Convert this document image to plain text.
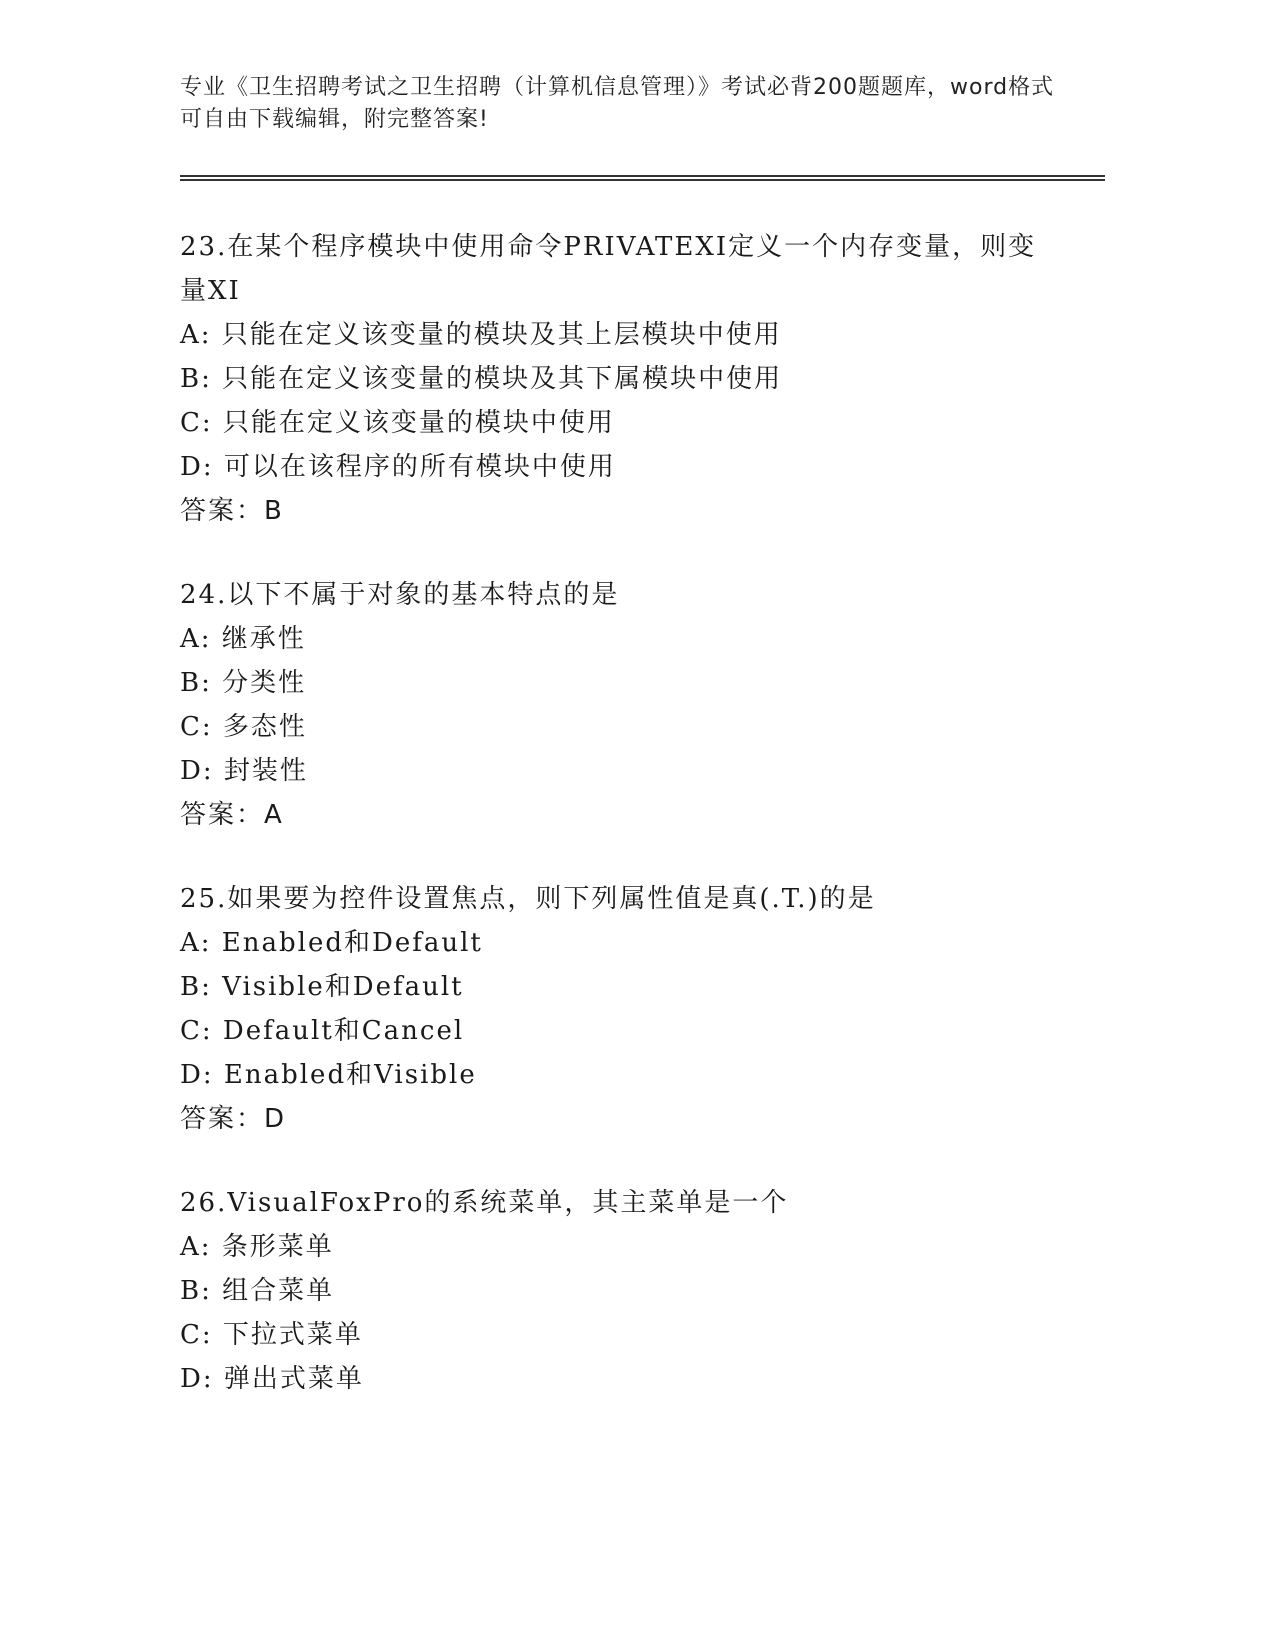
专业《卫生招聘考试之卫生招聘（计算机信息管理）》考试必背200题题库，word格式可自由下载编辑，附完整答案!
23.在某个程序模块中使用命令PRIVATEXI定义一个内存变量，则变量XI
A: 只能在定义该变量的模块及其上层模块中使用
B: 只能在定义该变量的模块及其下属模块中使用
C: 只能在定义该变量的模块中使用
D: 可以在该程序的所有模块中使用
答案：B
24.以下不属于对象的基本特点的是
A: 继承性
B: 分类性
C: 多态性
D: 封装性
答案：A
25.如果要为控件设置焦点，则下列属性值是真(.T.)的是
A: Enabled和Default
B: Visible和Default
C: Default和Cancel
D: Enabled和Visible
答案：D
26.VisualFoxPro的系统菜单，其主菜单是一个
A: 条形菜单
B: 组合菜单
C: 下拉式菜单
D: 弹出式菜单
